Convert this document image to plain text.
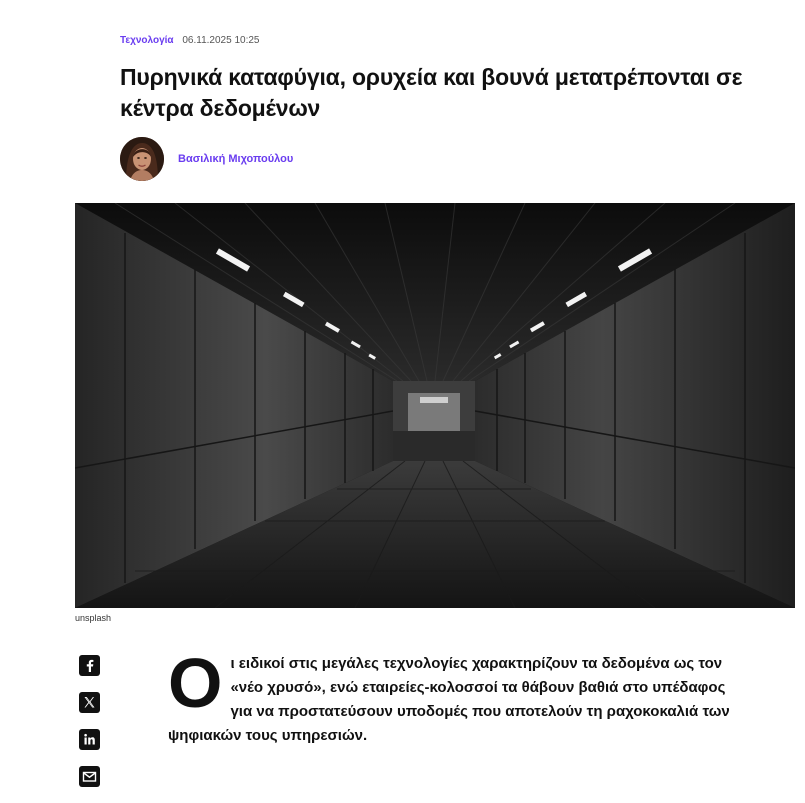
Τεχνολογία 06.11.2025 10:25
Πυρηνικά καταφύγια, ορυχεία και βουνά μετατρέπονται σε κέντρα δεδομένων
Βασιλική Μιχοπούλου
unsplash
Ο ι ειδικοί στις μεγάλες τεχνολογίες χαρακτηρίζουν τα δεδομένα ως τον «νέο χρυσό», ενώ εταιρείες-κολοσσοί τα θάβουν βαθιά στο υπέδαφος για να προστατεύσουν υποδομές που αποτελούν τη ραχοκοκαλιά των ψηφιακών τους υπηρεσιών.
